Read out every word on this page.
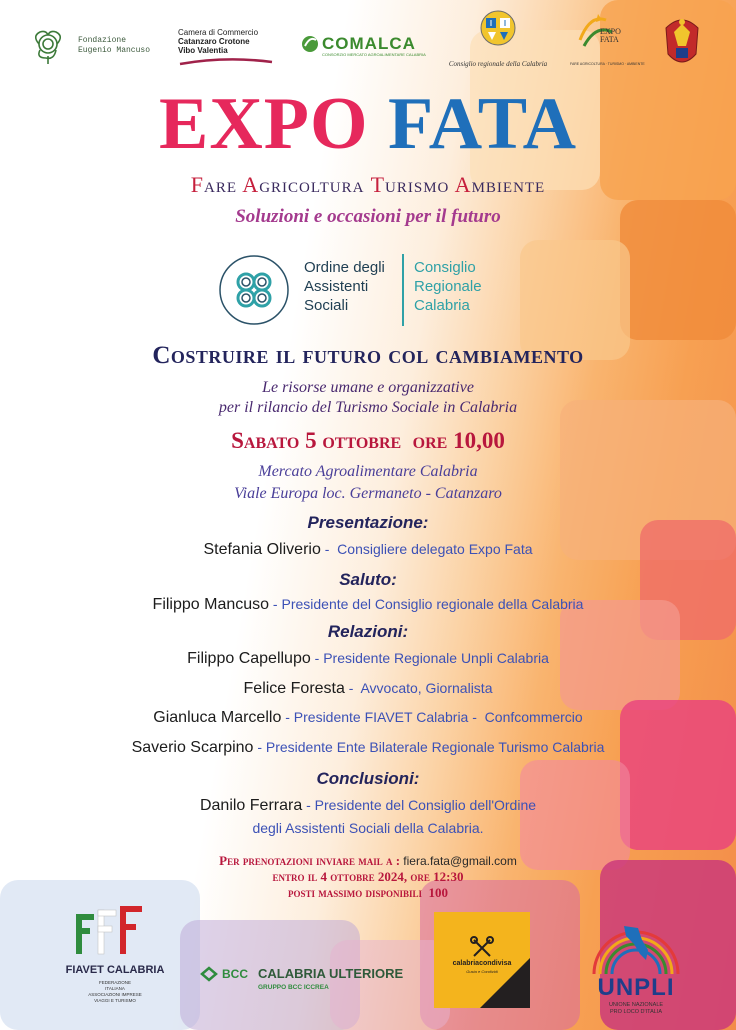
Fondazione
Eugenio Mancuso
Camera di Commercio
Catanzaro Crotone
Vibo Valentia	COMALCA
CONSORZIO MERCATO AGROALIMENTARE CALABRIA
Consiglio regionale della Calabria
EXPO
FATA
FARE AGRICOLTURA · TURISMO · AMBIENTE
EXPO FATA
Fare Agricoltura Turismo Ambiente
Soluzioni e occasioni per il futuro
Ordine degli
Assistenti
Sociali
Consiglio
Regionale
Calabria
Costruire il futuro col cambiamento
Le risorse umane e organizzative
per il rilancio del Turismo Sociale in Calabria
Sabato 5 ottobre  ore 10,00
Mercato Agroalimentare Calabria
Viale Europa loc. Germaneto - Catanzaro
Presentazione:
Stefania Oliverio -  Consigliere delegato Expo Fata
Saluto:
Filippo Mancuso - Presidente del Consiglio regionale della Calabria
Relazioni:
Filippo Capellupo - Presidente Regionale Unpli Calabria
Felice Foresta -  Avvocato, Giornalista
Gianluca Marcello - Presidente FIAVET Calabria -  Confcommercio
Saverio Scarpino - Presidente Ente Bilaterale Regionale Turismo Calabria
Conclusioni:
Danilo Ferrara - Presidente del Consiglio dell'Ordine
degli Assistenti Sociali della Calabria.
Per prenotazioni inviare mail a : fiera.fata@gmail.com
entro il 4 ottobre 2024, ore 12:30
posti massimo disponibili  100
FIAVET CALABRIA
FEDERAZIONE
ITALIANA
ASSOCIAZIONI IMPRESE
VIAGGI E TURISMO
BCC CALABRIA ULTERIORE
GRUPPO BCC ICCREA
calabriacondivisa
Gusta e Condividi
UNPLI
UNIONE NAZIONALE
PRO LOCO D'ITALIA
